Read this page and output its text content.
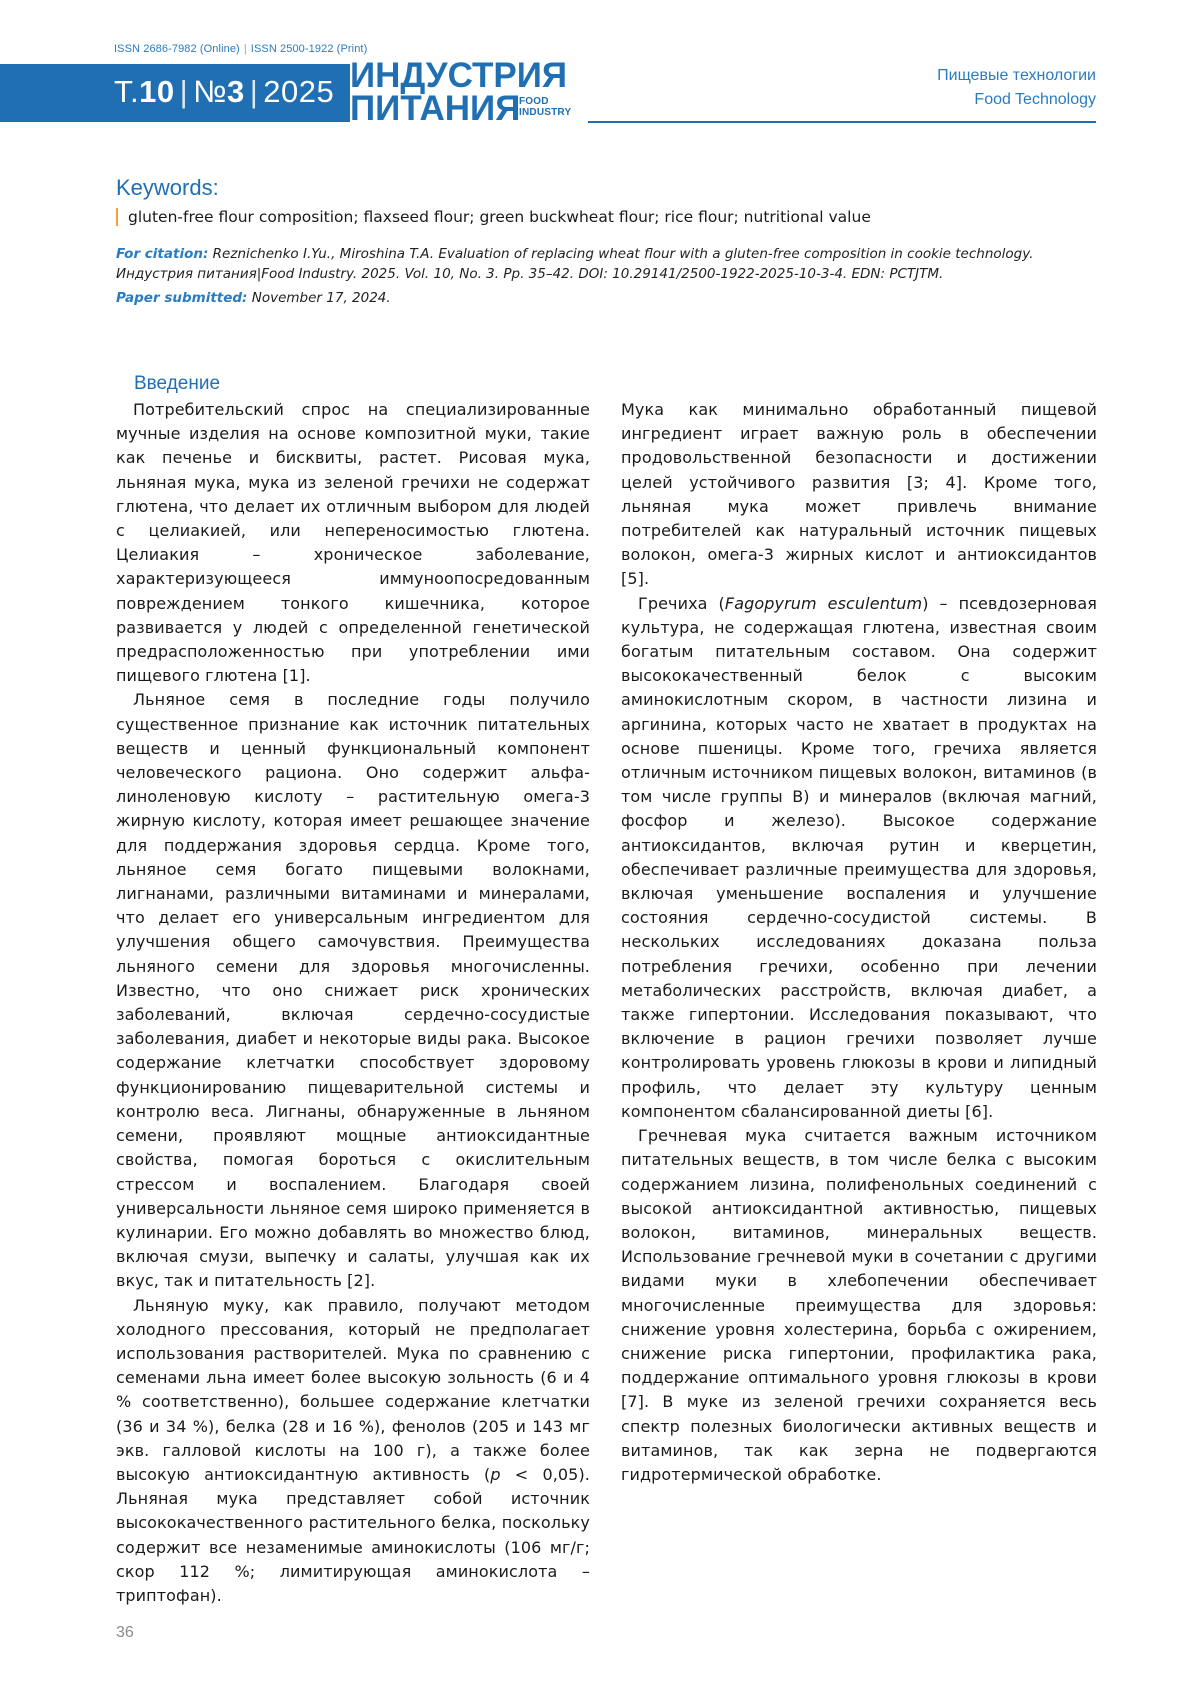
ISSN 2686-7982 (Online) | ISSN 2500-1922 (Print)
Т.10 | №3 | 2025 ИНДУСТРИЯ
ПИТАНИЯ
FOOD
INDUSTRY
Пищевые технологии
Food Technology
Keywords:
gluten-free flour composition; flaxseed flour; green buckwheat flour; rice flour; nutritional value
For citation: Reznichenko I.Yu., Miroshina T.A. Evaluation of replacing wheat flour with a gluten-free composition in cookie technology. Индустрия питания|Food Industry. 2025. Vol. 10, No. 3. Pp. 35–42. DOI: 10.29141/2500-1922-2025-10-3-4. EDN: PCTJTM.
Paper submitted: November 17, 2024.
Введение

Потребительский спрос на специализированные мучные изделия на основе композитной муки, такие как печенье и бисквиты, растет. Рисовая мука, льняная мука, мука из зеленой гречихи не содержат глютена, что делает их отличным выбором для людей с целиакией, или непереносимостью глютена. Целиакия – хроническое заболевание, характеризующееся иммуноопосредованным повреждением тонкого кишечника, которое развивается у людей с определенной генетической предрасположенностью при употреблении ими пищевого глютена [1].

Льняное семя в последние годы получило существенное признание как источник питательных веществ и ценный функциональный компонент человеческого рациона. Оно содержит альфа-линоленовую кислоту – растительную омега-3 жирную кислоту, которая имеет решающее значение для поддержания здоровья сердца. Кроме того, льняное семя богато пищевыми волокнами, лигнанами, различными витаминами и минералами, что делает его универсальным ингредиентом для улучшения общего самочувствия. Преимущества льняного семени для здоровья многочисленны. Известно, что оно снижает риск хронических заболеваний, включая сердечно-сосудистые заболевания, диабет и некоторые виды рака. Высокое содержание клетчатки способствует здоровому функционированию пищеварительной системы и контролю веса. Лигнаны, обнаруженные в льняном семени, проявляют мощные антиоксидантные свойства, помогая бороться с окислительным стрессом и воспалением. Благодаря своей универсальности льняное семя широко применяется в кулинарии. Его можно добавлять во множество блюд, включая смузи, выпечку и салаты, улучшая как их вкус, так и питательность [2].

Льняную муку, как правило, получают методом холодного прессования, который не предполагает использования растворителей. Мука по сравнению с семенами льна имеет более высокую зольность (6 и 4 % соответственно), большее содержание клетчатки (36 и 34 %), белка (28 и 16 %), фенолов (205 и 143 мг экв. галловой кислоты на 100 г), а также более высокую антиоксидантную активность (p < 0,05). Льняная мука представляет собой источник высококачественного растительного белка, поскольку содержит все незаменимые аминокислоты (106 мг/г; скор 112 %; лимитирующая аминокислота – триптофан).

Мука как минимально обработанный пищевой ингредиент играет важную роль в обеспечении продовольственной безопасности и достижении целей устойчивого развития [3; 4]. Кроме того, льняная мука может привлечь внимание потребителей как натуральный источник пищевых волокон, омега-3 жирных кислот и антиоксидантов [5].

Гречиха (Fagopyrum esculentum) – псевдозерновая культура, не содержащая глютена, известная своим богатым питательным составом. Она содержит высококачественный белок с высоким аминокислотным скором, в частности лизина и аргинина, которых часто не хватает в продуктах на основе пшеницы. Кроме того, гречиха является отличным источником пищевых волокон, витаминов (в том числе группы В) и минералов (включая магний, фосфор и железо). Высокое содержание антиоксидантов, включая рутин и кверцетин, обеспечивает различные преимущества для здоровья, включая уменьшение воспаления и улучшение состояния сердечно-сосудистой системы. В нескольких исследованиях доказана польза потребления гречихи, особенно при лечении метаболических расстройств, включая диабет, а также гипертонии. Исследования показывают, что включение в рацион гречихи позволяет лучше контролировать уровень глюкозы в крови и липидный профиль, что делает эту культуру ценным компонентом сбалансированной диеты [6].

Гречневая мука считается важным источником питательных веществ, в том числе белка с высоким содержанием лизина, полифенольных соединений с высокой антиоксидантной активностью, пищевых волокон, витаминов, минеральных веществ. Использование гречневой муки в сочетании с другими видами муки в хлебопечении обеспечивает многочисленные преимущества для здоровья: снижение уровня холестерина, борьба с ожирением, снижение риска гипертонии, профилактика рака, поддержание оптимального уровня глюкозы в крови [7]. В муке из зеленой гречихи сохраняется весь спектр полезных биологически активных веществ и витаминов, так как зерна не подвергаются гидротермической обработке.

36
